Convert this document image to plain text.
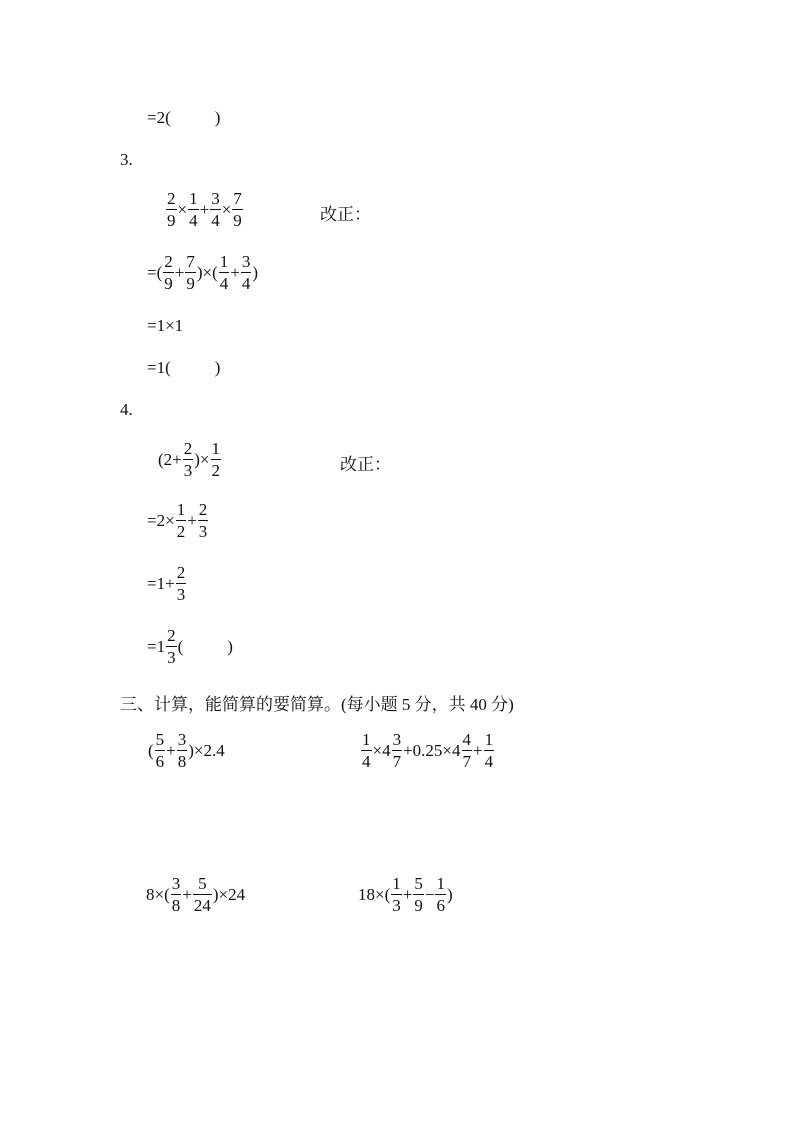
=2(	)
3.
$\frac{2}{9} \times \frac{1}{4} + \frac{3}{4} \times \frac{7}{9}$	改正：
=( $\frac{2}{9} + \frac{7}{9}$ )×( $\frac{1}{4} + \frac{3}{4}$ )
=1×1
=1(	)
4.
($2+ \frac{2}{3}$ )× $\frac{1}{2}$	改正：
$=2\times \frac{1}{2} + \frac{2}{3}$
$=1+ \frac{2}{3}$
$=1 \frac{2}{3}$ (	)
三、计算，能简算的要简算。(每小题 5 分，共 40 分)
( $\frac{5}{6} + \frac{3}{8} )\times 2.4$	$\frac{1}{4} \times 4 \frac{3}{7} +0.25\times 4 \frac{4}{7} + \frac{1}{4}$
$8\times( \frac{3}{8} + \frac{5}{24} )\times 24$	$18\times( \frac{1}{3} + \frac{5}{9} - \frac{1}{6}$ )
